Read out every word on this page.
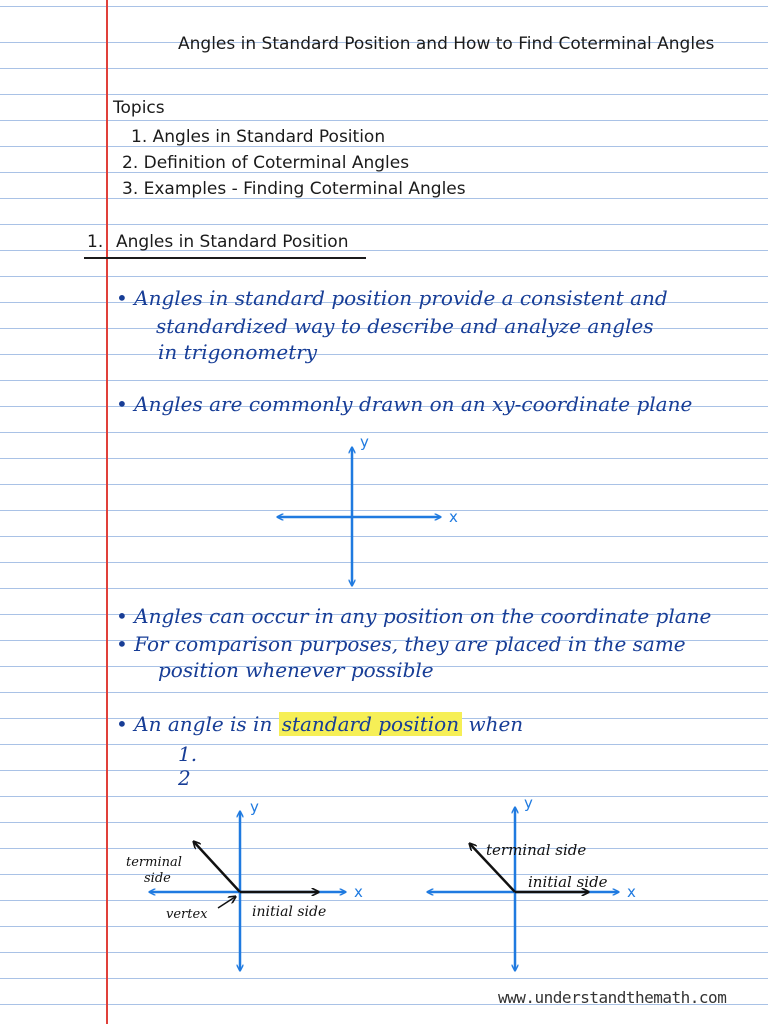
Angles in Standard Position and How to Find Coterminal Angles
Topics
1. Angles in Standard Position
2. Definition of Coterminal Angles
3. Examples - Finding Coterminal Angles
1. Angles in Standard Position
• Angles in standard position provide a consistent and
standardized way to describe and analyze angles
in trigonometry
• Angles are commonly drawn on an xy-coordinate plane
• Angles can occur in any position on the coordinate plane
• For comparison purposes, they are placed in the same
position whenever possible
• An angle is in standard position when
1.
2
x
y
x
y
terminal
side
vertex	initial side
x
y
terminal side
initial side
www.understandthemath.com
